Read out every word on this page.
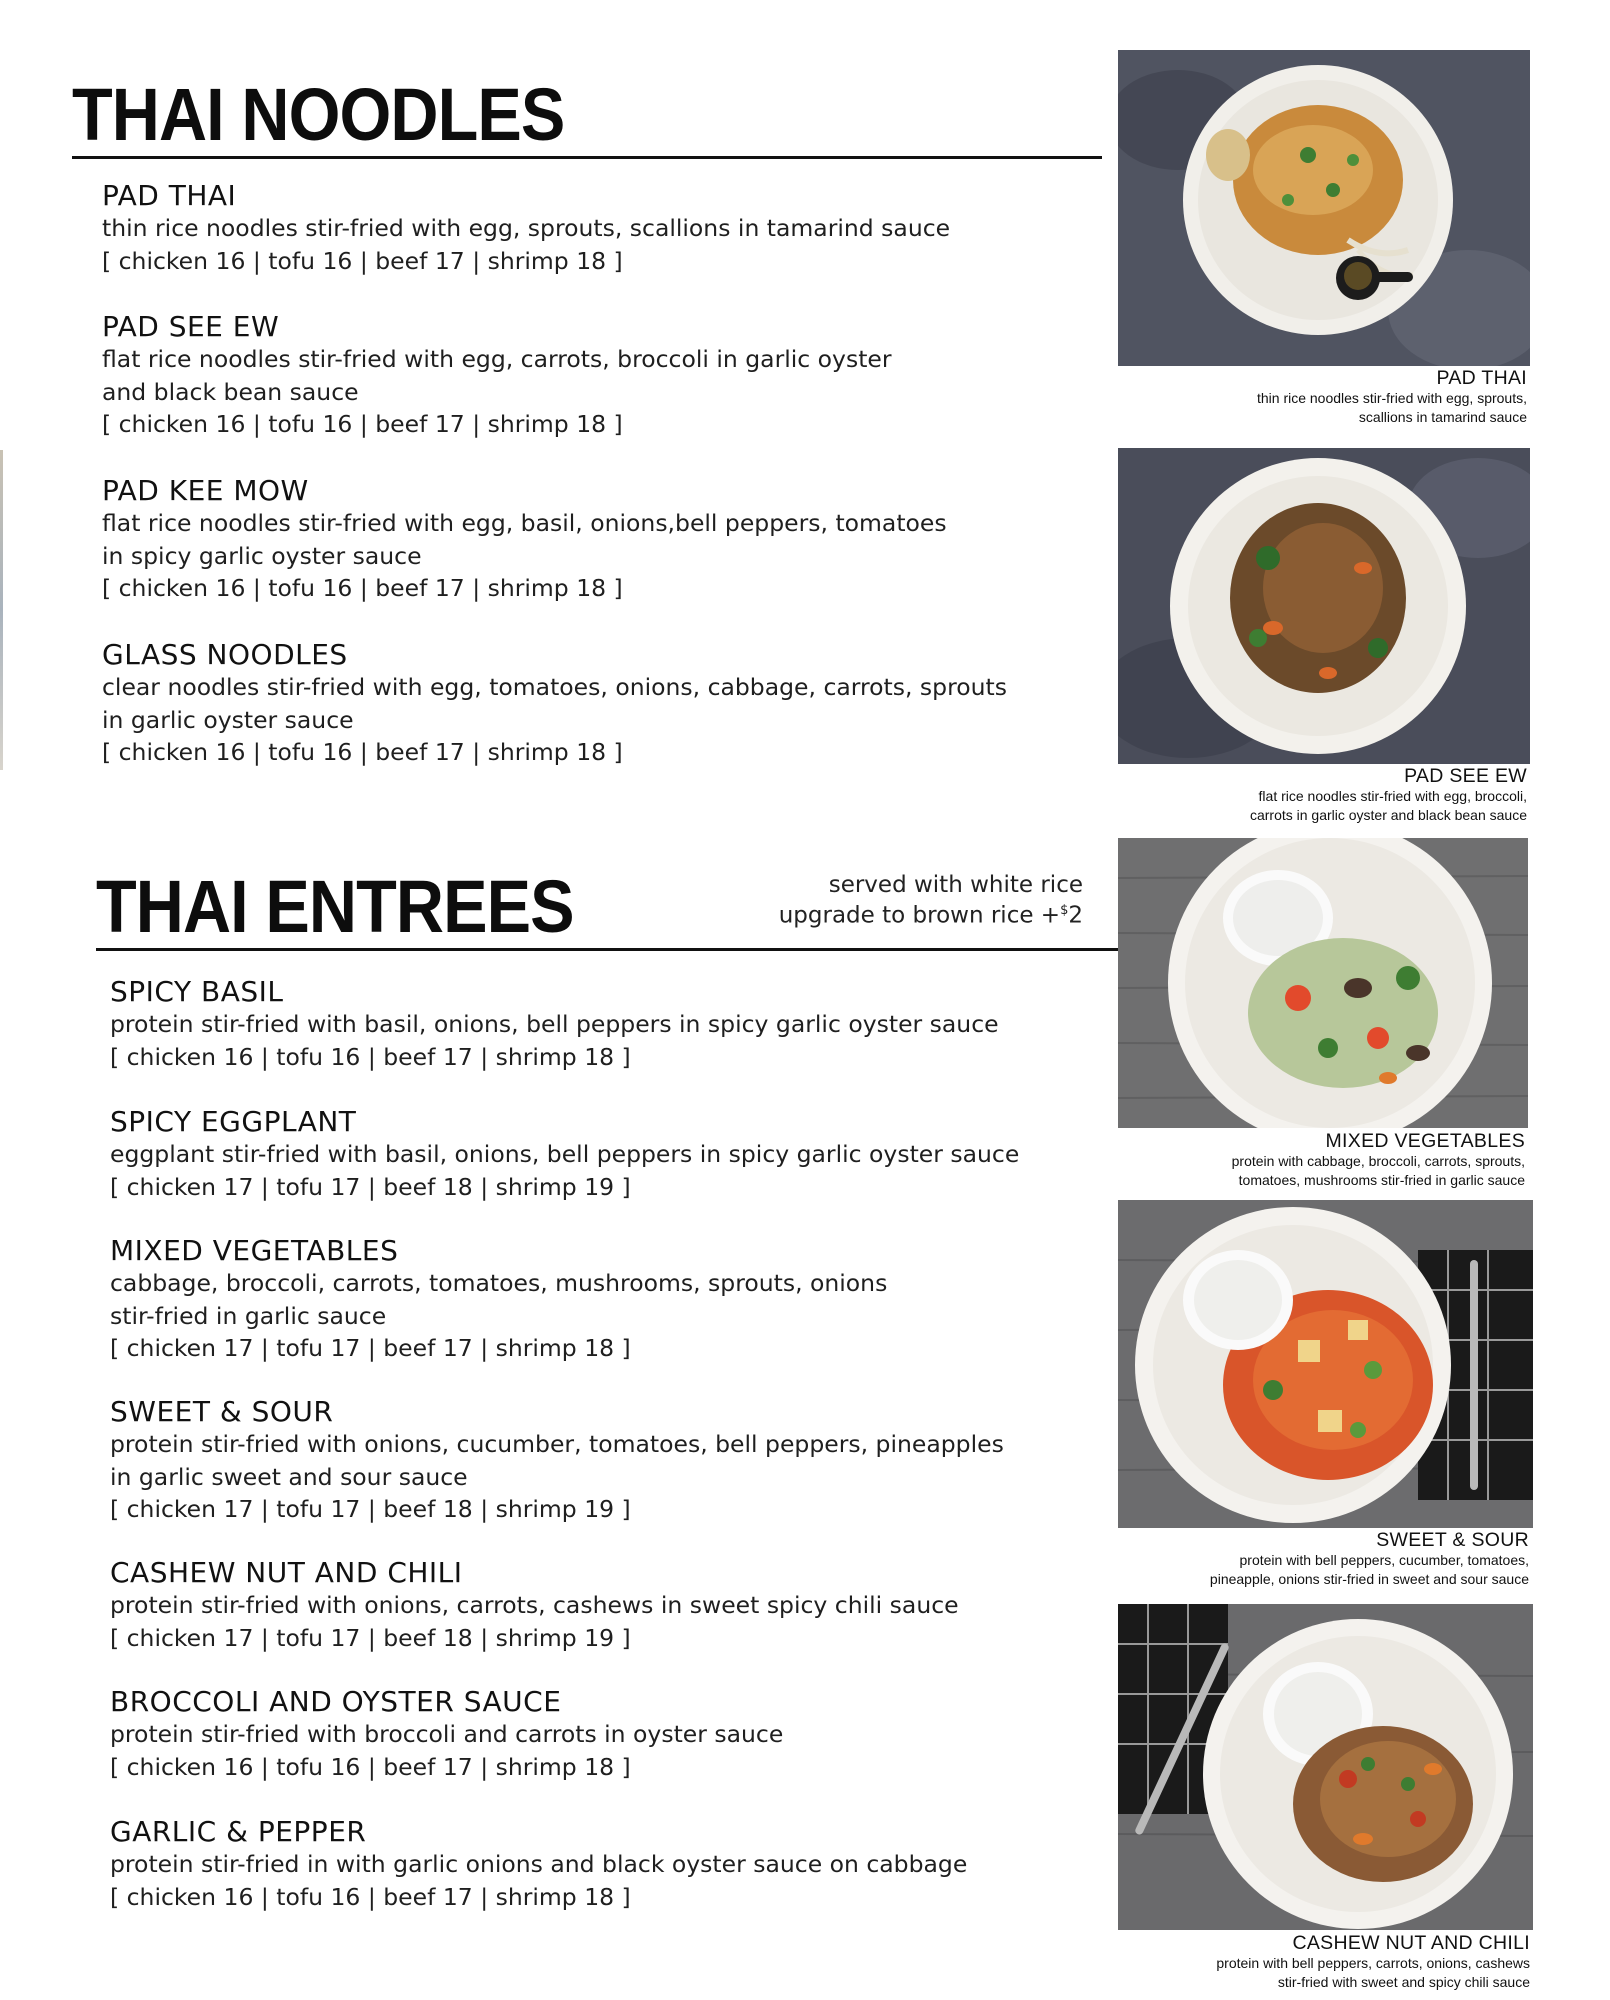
THAI NOODLES
PAD THAI
thin rice noodles stir-fried with egg, sprouts, scallions in tamarind sauce
[ chicken 16 | tofu 16 | beef 17 | shrimp 18 ]
PAD SEE EW
flat rice noodles stir-fried with egg, carrots, broccoli in garlic oyster
and black bean sauce
[ chicken 16 | tofu 16 | beef 17 | shrimp 18 ]
PAD KEE MOW
flat rice noodles stir-fried with egg, basil, onions,bell peppers, tomatoes
in spicy garlic oyster sauce
[ chicken 16 | tofu 16 | beef 17 | shrimp 18 ]
GLASS NOODLES
clear noodles stir-fried with egg, tomatoes, onions, cabbage, carrots, sprouts
in garlic oyster sauce
[ chicken 16 | tofu 16 | beef 17 | shrimp 18 ]
THAI ENTREES	served with white rice
upgrade to brown rice +$2
SPICY BASIL
protein stir-fried with basil, onions, bell peppers in spicy garlic oyster sauce
[ chicken 16 | tofu 16 | beef 17 | shrimp 18 ]
SPICY EGGPLANT
eggplant stir-fried with basil, onions, bell peppers in spicy garlic oyster sauce
[ chicken 17 | tofu 17 | beef 18 | shrimp 19 ]
MIXED VEGETABLES
cabbage, broccoli, carrots, tomatoes, mushrooms, sprouts, onions
stir-fried in garlic sauce
[ chicken 17 | tofu 17 | beef 17 | shrimp 18 ]
SWEET & SOUR
protein stir-fried with onions, cucumber, tomatoes, bell peppers, pineapples
in garlic sweet and sour sauce
[ chicken 17 | tofu 17 | beef 18 | shrimp 19 ]
CASHEW NUT AND CHILI
protein stir-fried with onions, carrots, cashews in sweet spicy chili sauce
[ chicken 17 | tofu 17 | beef 18 | shrimp 19 ]
BROCCOLI AND OYSTER SAUCE
protein stir-fried with broccoli and carrots in oyster sauce
[ chicken 16 | tofu 16 | beef 17 | shrimp 18 ]
GARLIC & PEPPER
protein stir-fried in with garlic onions and black oyster sauce on cabbage
[ chicken 16 | tofu 16 | beef 17 | shrimp 18 ]
PAD THAI
thin rice noodles stir-fried with egg, sprouts,
scallions in tamarind sauce
PAD SEE EW
flat rice noodles stir-fried with egg, broccoli,
carrots in garlic oyster and black bean sauce
MIXED VEGETABLES
protein with cabbage, broccoli, carrots, sprouts,
tomatoes, mushrooms stir-fried in garlic sauce
SWEET & SOUR
protein with bell peppers, cucumber, tomatoes,
pineapple, onions stir-fried in sweet and sour sauce
CASHEW NUT AND CHILI
protein with bell peppers, carrots, onions, cashews
stir-fried with sweet and spicy chili sauce
